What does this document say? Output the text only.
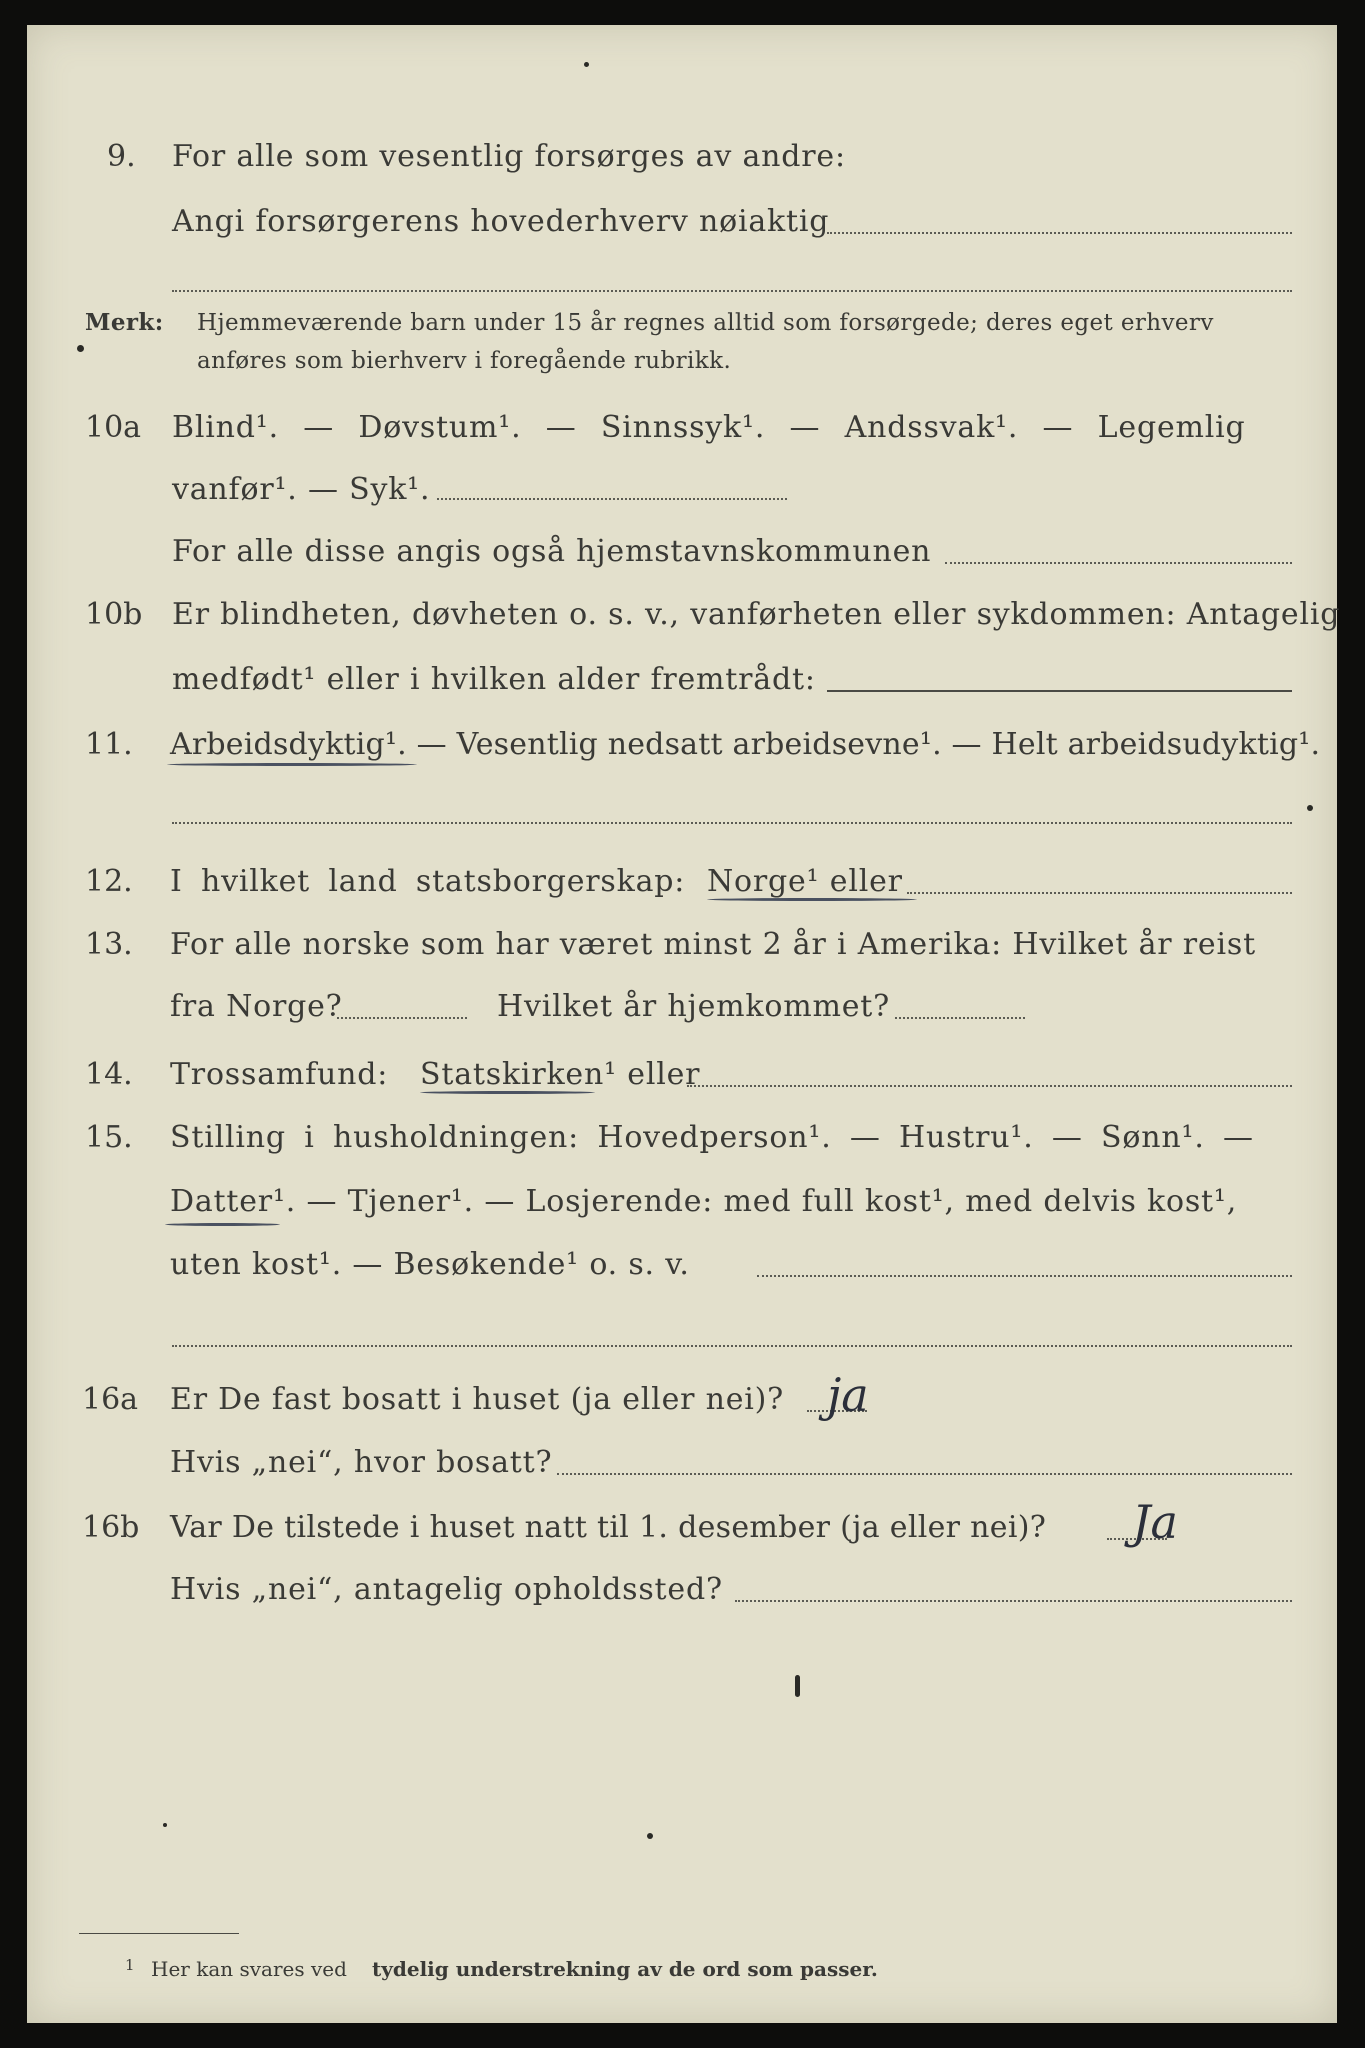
9. For alle som vesentlig forsørges av andre:
Angi forsørgerens hovederhverv nøiaktig
Merk: Hjemmeværende barn under 15 år regnes alltid som forsørgede; deres eget erhverv
anføres som bierhverv i foregående rubrikk.
10a Blind¹. — Døvstum¹. — Sinnssyk¹. — Andssvak¹. — Legemlig
vanfør¹. — Syk¹.
For alle disse angis også hjemstavnskommunen
10b Er blindheten, døvheten o. s. v., vanførheten eller sykdommen: Antagelig
medfødt¹ eller i hvilken alder fremtrådt:
11. Arbeidsdyktig¹. — Vesentlig nedsatt arbeidsevne¹. — Helt arbeidsudyktig¹.
12. I hvilket land statsborgerskap: Norge¹ eller
13. For alle norske som har været minst 2 år i Amerika: Hvilket år reist
fra Norge?	Hvilket år hjemkommet?
14. Trossamfund: Statskirken¹ eller
15. Stilling i husholdningen: Hovedperson¹. — Hustru¹. — Sønn¹. —
Datter¹. — Tjener¹. — Losjerende: med full kost¹, med delvis kost¹,
uten kost¹. — Besøkende¹ o. s. v.
16a Er De fast bosatt i huset (ja eller nei)? ja
Hvis „nei“, hvor bosatt?
16b Var De tilstede i huset natt til 1. desember (ja eller nei)? Ja
Hvis „nei“, antagelig opholdssted?
1 Her kan svares ved tydelig understrekning av de ord som passer.
